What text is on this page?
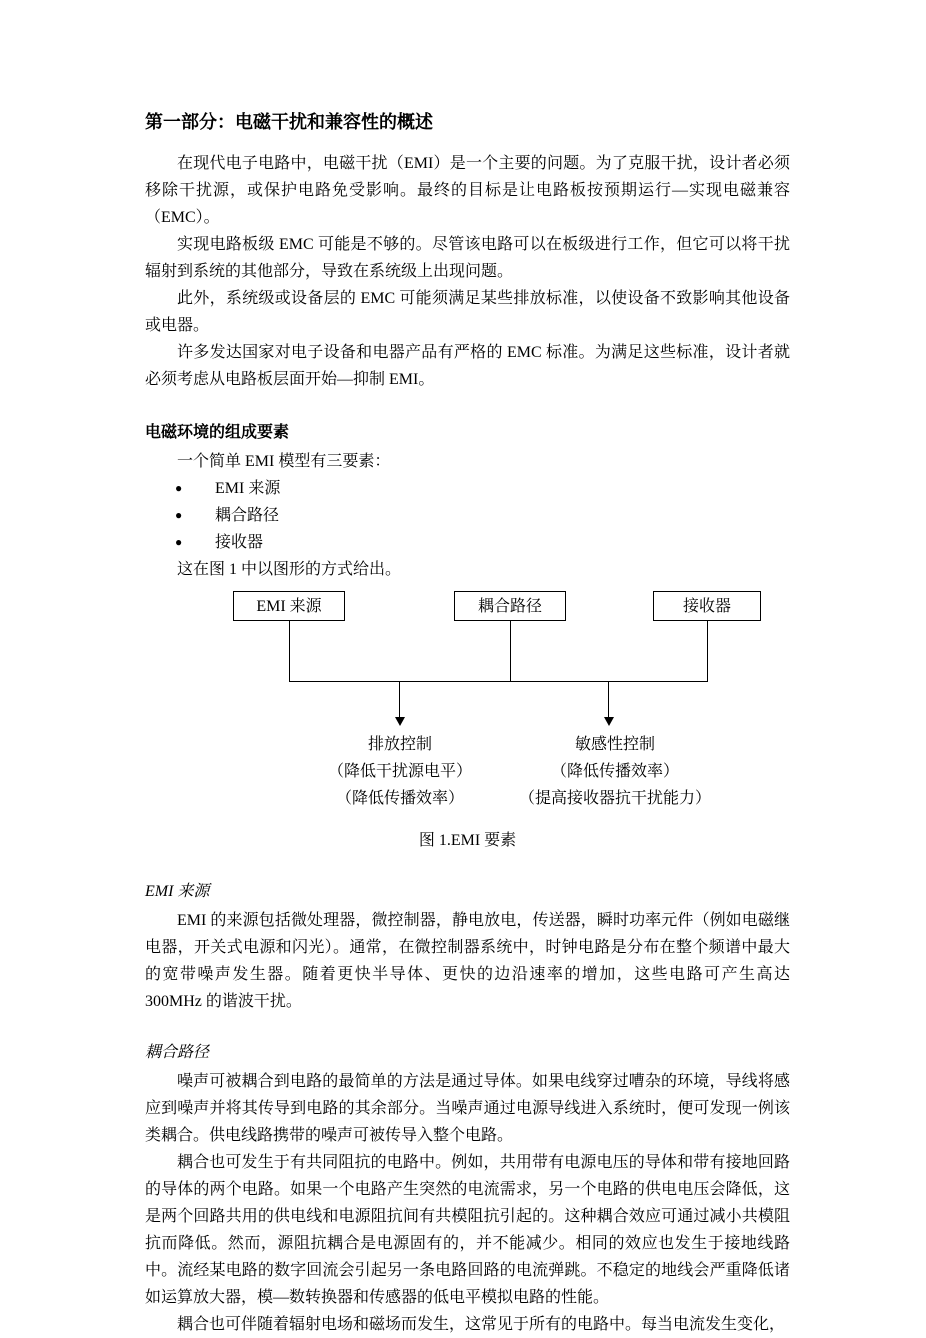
第一部分：电磁干扰和兼容性的概述

在现代电子电路中，电磁干扰（EMI）是一个主要的问题。为了克服干扰，设计者必须移除干扰源，或保护电路免受影响。最终的目标是让电路板按预期运行—实现电磁兼容（EMC）。

实现电路板级 EMC 可能是不够的。尽管该电路可以在板级进行工作，但它可以将干扰辐射到系统的其他部分，导致在系统级上出现问题。

此外，系统级或设备层的 EMC 可能须满足某些排放标准，以使设备不致影响其他设备或电器。

许多发达国家对电子设备和电器产品有严格的 EMC 标准。为满足这些标准，设计者就必须考虑从电路板层面开始—抑制 EMI。

电磁环境的组成要素

一个简单 EMI 模型有三要素：

● EMI 来源
● 耦合路径
● 接收器

这在图 1 中以图形的方式给出。

EMI 来源	耦合路径	接收器
排放控制
（降低干扰源电平）
（降低传播效率）
敏感性控制
（降低传播效率）
（提高接收器抗干扰能力）

图 1.EMI 要素

EMI 来源

EMI 的来源包括微处理器，微控制器，静电放电，传送器，瞬时功率元件（例如电磁继电器，开关式电源和闪光）。通常，在微控制器系统中，时钟电路是分布在整个频谱中最大的宽带噪声发生器。随着更快半导体、更快的边沿速率的增加，这些电路可产生高达 300MHz 的谐波干扰。

耦合路径

噪声可被耦合到电路的最简单的方法是通过导体。如果电线穿过嘈杂的环境，导线将感应到噪声并将其传导到电路的其余部分。当噪声通过电源导线进入系统时，便可发现一例该类耦合。供电线路携带的噪声可被传导入整个电路。

耦合也可发生于有共同阻抗的电路中。例如，共用带有电源电压的导体和带有接地回路的导体的两个电路。如果一个电路产生突然的电流需求，另一个电路的供电电压会降低，这是两个回路共用的供电线和电源阻抗间有共模阻抗引起的。这种耦合效应可通过减小共模阻抗而降低。然而，源阻抗耦合是电源固有的，并不能减少。相同的效应也发生于接地线路中。流经某电路的数字回流会引起另一条电路回路的电流弹跳。不稳定的地线会严重降低诸如运算放大器，模—数转换器和传感器的低电平模拟电路的性能。

耦合也可伴随着辐射电场和磁场而发生，这常见于所有的电路中。每当电流发生变化，
